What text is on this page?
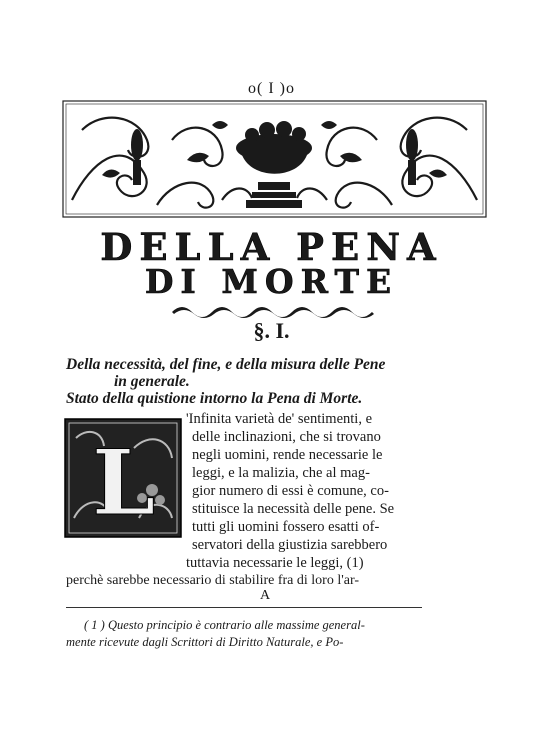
o( I )o
DELLA PENA
DI MORTE
§. I.
Della necessità, del fine, e della misura delle Pene
in generale.
Stato della quistione intorno la Pena di Morte.
L
'Infinita varietà de' sentimenti, e
delle inclinazioni, che si trovano
negli uomini, rende necessarie le
leggi, e la malizia, che al mag-
gior numero di essi è comune, co-
stituisce la necessità delle pene. Se
tutti gli uomini fossero esatti of-
servatori della giustizia sarebbero
tuttavia necessarie le leggi, (1)
perchè sarebbe necessario di stabilire fra di loro l'ar-
A
( 1 ) Questo principio è contrario alle massime general-
mente ricevute dagli Scrittori di Diritto Naturale, e Po-
